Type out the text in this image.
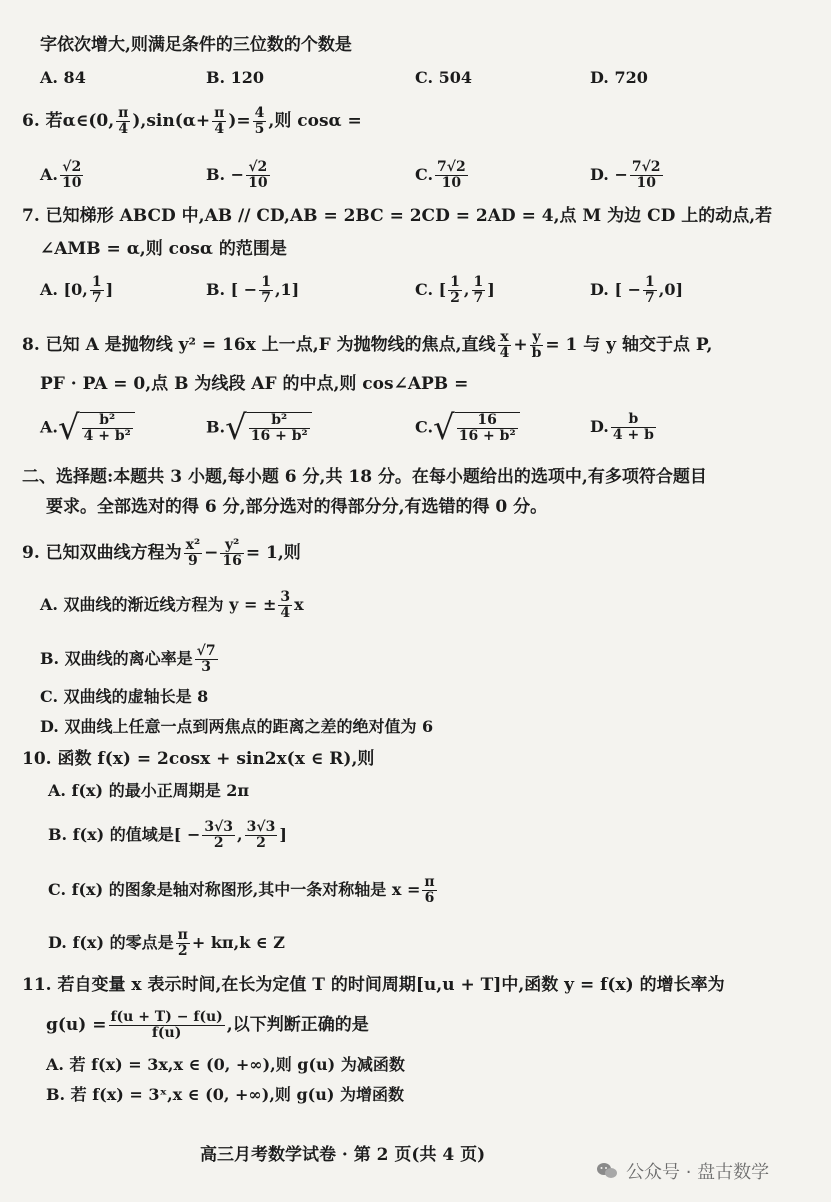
字依次增大,则满足条件的三位数的个数是
A. 84	B. 120	C. 504	D. 720
6. 若α∈(0, $\frac{\pi}{4} ),\sin(\alpha+ \frac{\pi}{4}$ )= $\frac{4}{5}$ ,则 cosα =
A. $\frac{√2}{10}$	B. − $\frac{√2}{10}$	C. $\frac{7√2}{10}$	D. − $\frac{7√2}{10}$
7. 已知梯形 ABCD 中,AB // CD,AB = 2BC = 2CD = 2AD = 4,点 M 为边 CD 上的动点,若
∠AMB = α,则 cosα 的范围是
A. [0, $\frac{1}{7}$ ]	B. [ − $\frac{1}{7} ,1$]	C. [ $\frac{1}{2}$ , $\frac{1}{7}$ ]	D. [ − $\frac{1}{7} ,0$]
8. 已知 A 是抛物线 y² = 16x 上一点,F 为抛物线的焦点,直线 $\frac{x}{4} + \frac{y}{b} = 1$ 与 y 轴交于点 P,
PF · PA = 0,点 B 为线段 AF 的中点,则 cos∠APB =
$A.√ \frac{\text{b²}}{\text{4 + b²}}$	$B.√ \frac{\text{b²}}{\text{16 + b²}}$	$C.√ \frac{16}{\text{16 + b²}}$	D. $\frac{b}{4 + b}$
二、选择题:本题共 3 小题,每小题 6 分,共 18 分。在每小题给出的选项中,有多项符合题目
要求。全部选对的得 6 分,部分选对的得部分分,有选错的得 0 分。
9. 已知双曲线方程为 $\frac{\text{x²}}{9} - \frac{\text{y²}}{16} = 1$,则
A. 双曲线的渐近线方程为 y = ± $\frac{3}{4}$ x
B. 双曲线的离心率是 $\frac{√7}{3}$
C. 双曲线的虚轴长是 8
D. 双曲线上任意一点到两焦点的距离之差的绝对值为 6
10. 函数 f(x) = 2cosx + sin2x(x ∈ R),则
A. f(x) 的最小正周期是 2π
B. f(x) 的值域是[ − $\frac{3√3}{2}$ , $\frac{3√3}{2}$ ]
C. f(x) 的图象是轴对称图形,其中一条对称轴是 $x = \frac{\pi}{6}$
D. f(x) 的零点是 $\frac{\pi}{2} + k\pi,k$ ∈ Z
11. 若自变量 x 表示时间,在长为定值 T 的时间周期[u,u + T]中,函数 y = f(x) 的增长率为
$g(u) = \frac{f(u + T) - f(u)}{f(u)}$ ,以下判断正确的是
A. 若 f(x) = 3x,x ∈ (0, +∞),则 g(u) 为减函数
B. 若 f(x) = 3ˣ,x ∈ (0, +∞),则 g(u) 为增函数
高三月考数学试卷 · 第 2 页(共 4 页)
公众号 · 盘古数学
